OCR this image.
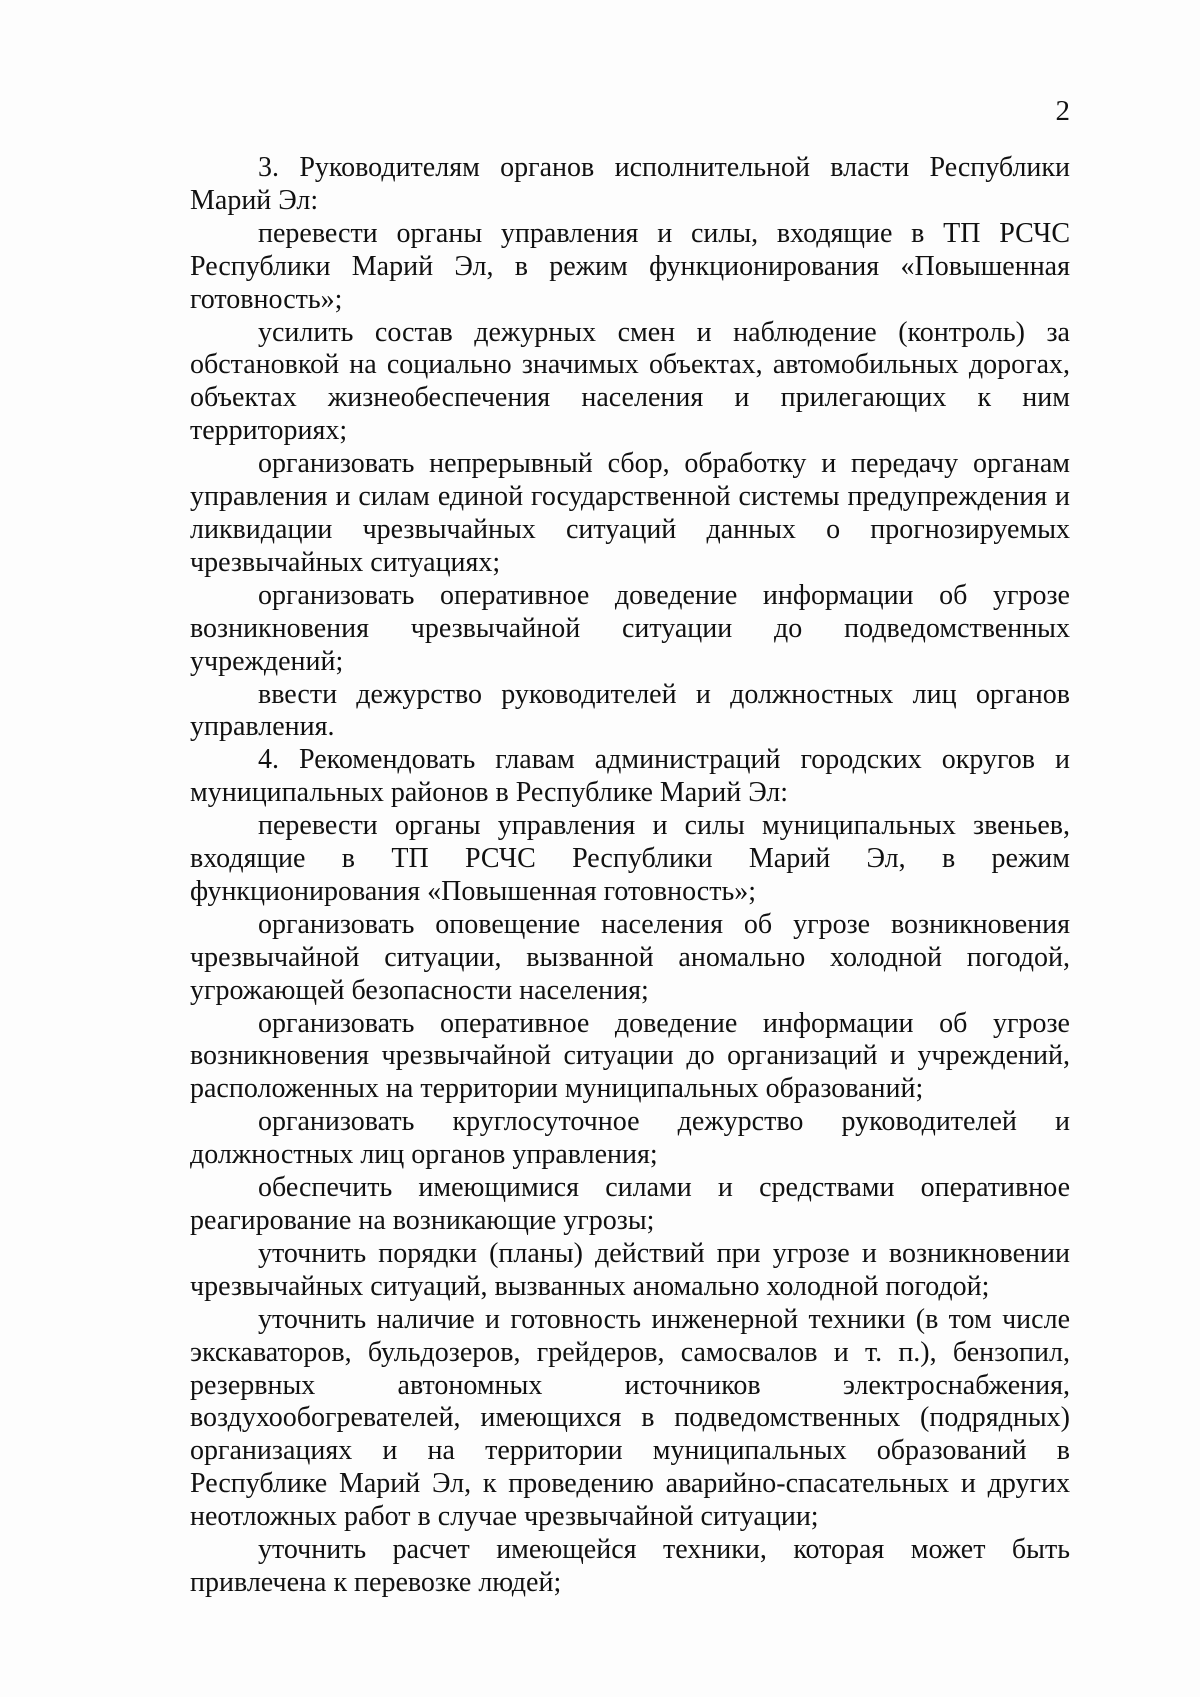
2

3. Руководителям органов исполнительной власти Республики Марий Эл:

перевести органы управления и силы, входящие в ТП РСЧС Республики Марий Эл, в режим функционирования «Повышенная готовность»;

усилить состав дежурных смен и наблюдение (контроль) за обстановкой на социально значимых объектах, автомобильных дорогах, объектах жизнеобеспечения населения и прилегающих к ним территориях;

организовать непрерывный сбор, обработку и передачу органам управления и силам единой государственной системы предупреждения и ликвидации чрезвычайных ситуаций данных о прогнозируемых чрезвычайных ситуациях;

организовать оперативное доведение информации об угрозе возникновения чрезвычайной ситуации до подведомственных учреждений;

ввести дежурство руководителей и должностных лиц органов управления.

4. Рекомендовать главам администраций городских округов и муниципальных районов в Республике Марий Эл:

перевести органы управления и силы муниципальных звеньев, входящие в ТП РСЧС Республики Марий Эл, в режим функционирования «Повышенная готовность»;

организовать оповещение населения об угрозе возникновения чрезвычайной ситуации, вызванной аномально холодной погодой, угрожающей безопасности населения;

организовать оперативное доведение информации об угрозе возникновения чрезвычайной ситуации до организаций и учреждений, расположенных на территории муниципальных образований;

организовать круглосуточное дежурство руководителей и должностных лиц органов управления;

обеспечить имеющимися силами и средствами оперативное реагирование на возникающие угрозы;

уточнить порядки (планы) действий при угрозе и возникновении чрезвычайных ситуаций, вызванных аномально холодной погодой;

уточнить наличие и готовность инженерной техники (в том числе экскаваторов, бульдозеров, грейдеров, самосвалов и т. п.), бензопил, резервных автономных источников электроснабжения, воздухообогревателей, имеющихся в подведомственных (подрядных) организациях и на территории муниципальных образований в Республике Марий Эл, к проведению аварийно-спасательных и других неотложных работ в случае чрезвычайной ситуации;

уточнить расчет имеющейся техники, которая может быть привлечена к перевозке людей;
